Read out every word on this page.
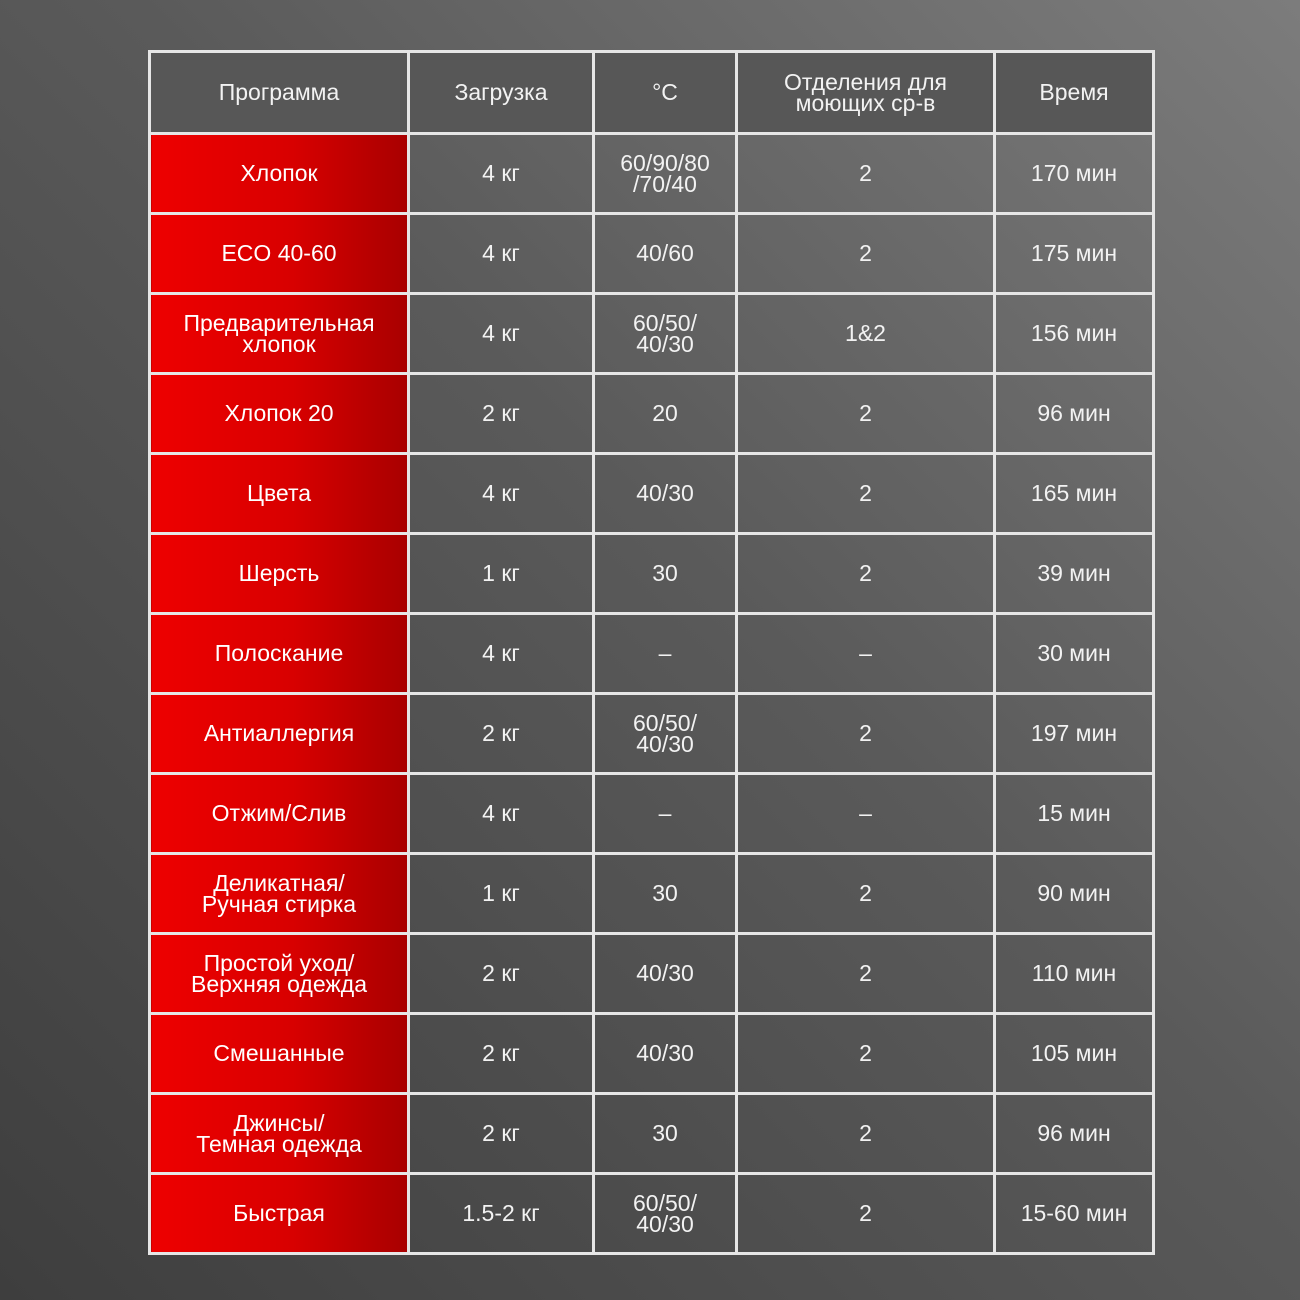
Программа	Загрузка	°C	Отделения для
моющих ср-в	Время
Хлопок	4 кг	60/90/80
/70/40	2	170 мин
ECO 40-60	4 кг	40/60	2	175 мин
Предварительная
хлопок	4 кг	60/50/
40/30	1&2	156 мин
Хлопок 20	2 кг	20	2	96 мин
Цвета	4 кг	40/30	2	165 мин
Шерсть	1 кг	30	2	39 мин
Полоскание	4 кг	–	–	30 мин
Антиаллергия	2 кг	60/50/
40/30	2	197 мин
Отжим/Слив	4 кг	–	–	15 мин
Деликатная/
Ручная стирка	1 кг	30	2	90 мин
Простой уход/
Верхняя одежда	2 кг	40/30	2	110 мин
Смешанные	2 кг	40/30	2	105 мин
Джинсы/
Темная одежда	2 кг	30	2	96 мин
Быстрая	1.5-2 кг	60/50/
40/30	2	15-60 мин
